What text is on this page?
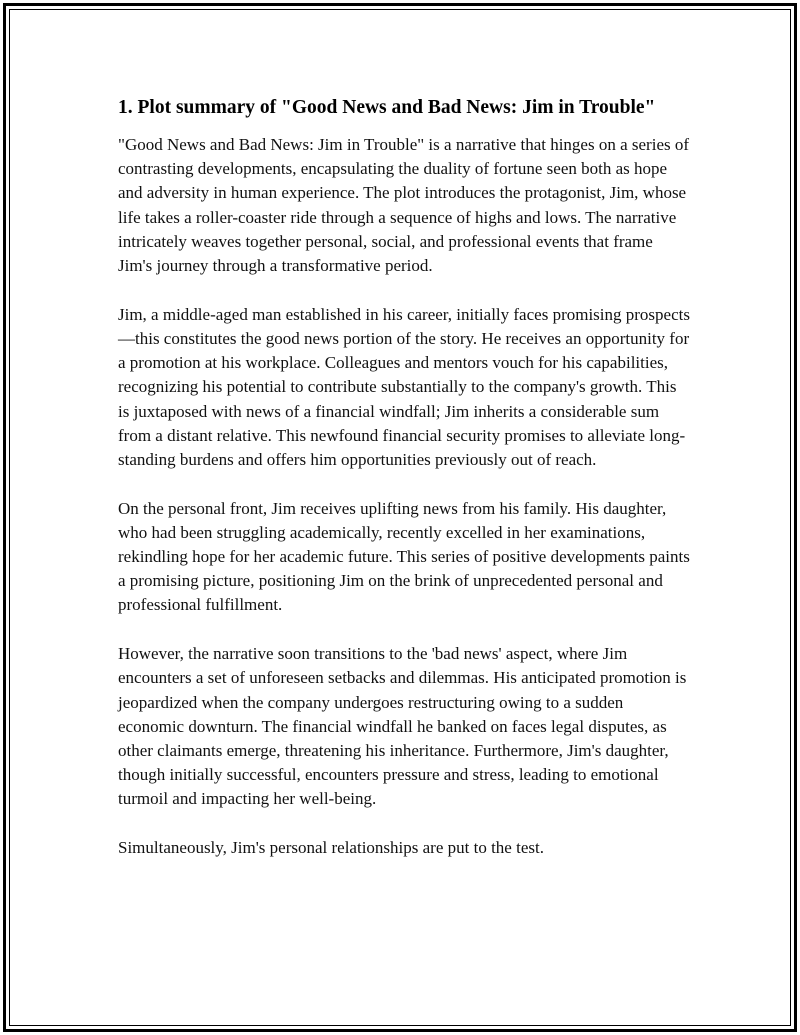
1. Plot summary of "Good News and Bad News: Jim in Trouble"

"Good News and Bad News: Jim in Trouble" is a narrative that hinges on a series of contrasting developments, encapsulating the duality of fortune seen both as hope and adversity in human experience. The plot introduces the protagonist, Jim, whose life takes a roller-coaster ride through a sequence of highs and lows. The narrative intricately weaves together personal, social, and professional events that frame Jim's journey through a transformative period.

Jim, a middle-aged man established in his career, initially faces promising prospects—this constitutes the good news portion of the story. He receives an opportunity for a promotion at his workplace. Colleagues and mentors vouch for his capabilities, recognizing his potential to contribute substantially to the company's growth. This is juxtaposed with news of a financial windfall; Jim inherits a considerable sum from a distant relative. This newfound financial security promises to alleviate long-standing burdens and offers him opportunities previously out of reach.

On the personal front, Jim receives uplifting news from his family. His daughter, who had been struggling academically, recently excelled in her examinations, rekindling hope for her academic future. This series of positive developments paints a promising picture, positioning Jim on the brink of unprecedented personal and professional fulfillment.

However, the narrative soon transitions to the 'bad news' aspect, where Jim encounters a set of unforeseen setbacks and dilemmas. His anticipated promotion is jeopardized when the company undergoes restructuring owing to a sudden economic downturn. The financial windfall he banked on faces legal disputes, as other claimants emerge, threatening his inheritance. Furthermore, Jim's daughter, though initially successful, encounters pressure and stress, leading to emotional turmoil and impacting her well-being.

Simultaneously, Jim's personal relationships are put to the test.
